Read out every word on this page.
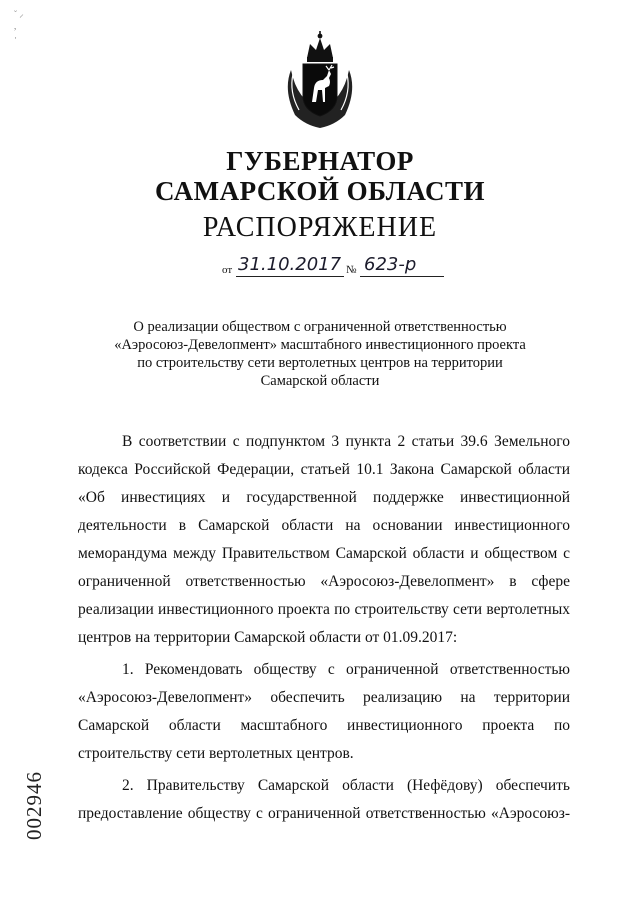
˘ ⸝
,
·
ГУБЕРНАТОР
САМАРСКОЙ ОБЛАСТИ
РАСПОРЯЖЕНИЕ
от 31.10.2017 № 623-р
О реализации обществом с ограниченной ответственностью
«Аэросоюз-Девелопмент» масштабного инвестиционного проекта
по строительству сети вертолетных центров на территории
Самарской области

В соответствии с подпунктом 3 пункта 2 статьи 39.6 Земельного кодекса Российской Федерации, статьей 10.1 Закона Самарской области «Об инвестициях и государственной поддержке инвестиционной деятельности в Самарской области на основании инвестиционного меморандума между Правительством Самарской области и обществом с ограниченной ответственностью «Аэросоюз-Девелопмент» в сфере реализации инвестиционного проекта по строительству сети вертолетных центров на территории Самарской области от 01.09.2017:

1. Рекомендовать обществу с ограниченной ответственностью «Аэросоюз-Девелопмент» обеспечить реализацию на территории Самарской области масштабного инвестиционного проекта по строительству сети вертолетных центров.

2. Правительству Самарской области (Нефёдову) обеспечить предоставление обществу с ограниченной ответственностью «Аэросоюз-

002946
